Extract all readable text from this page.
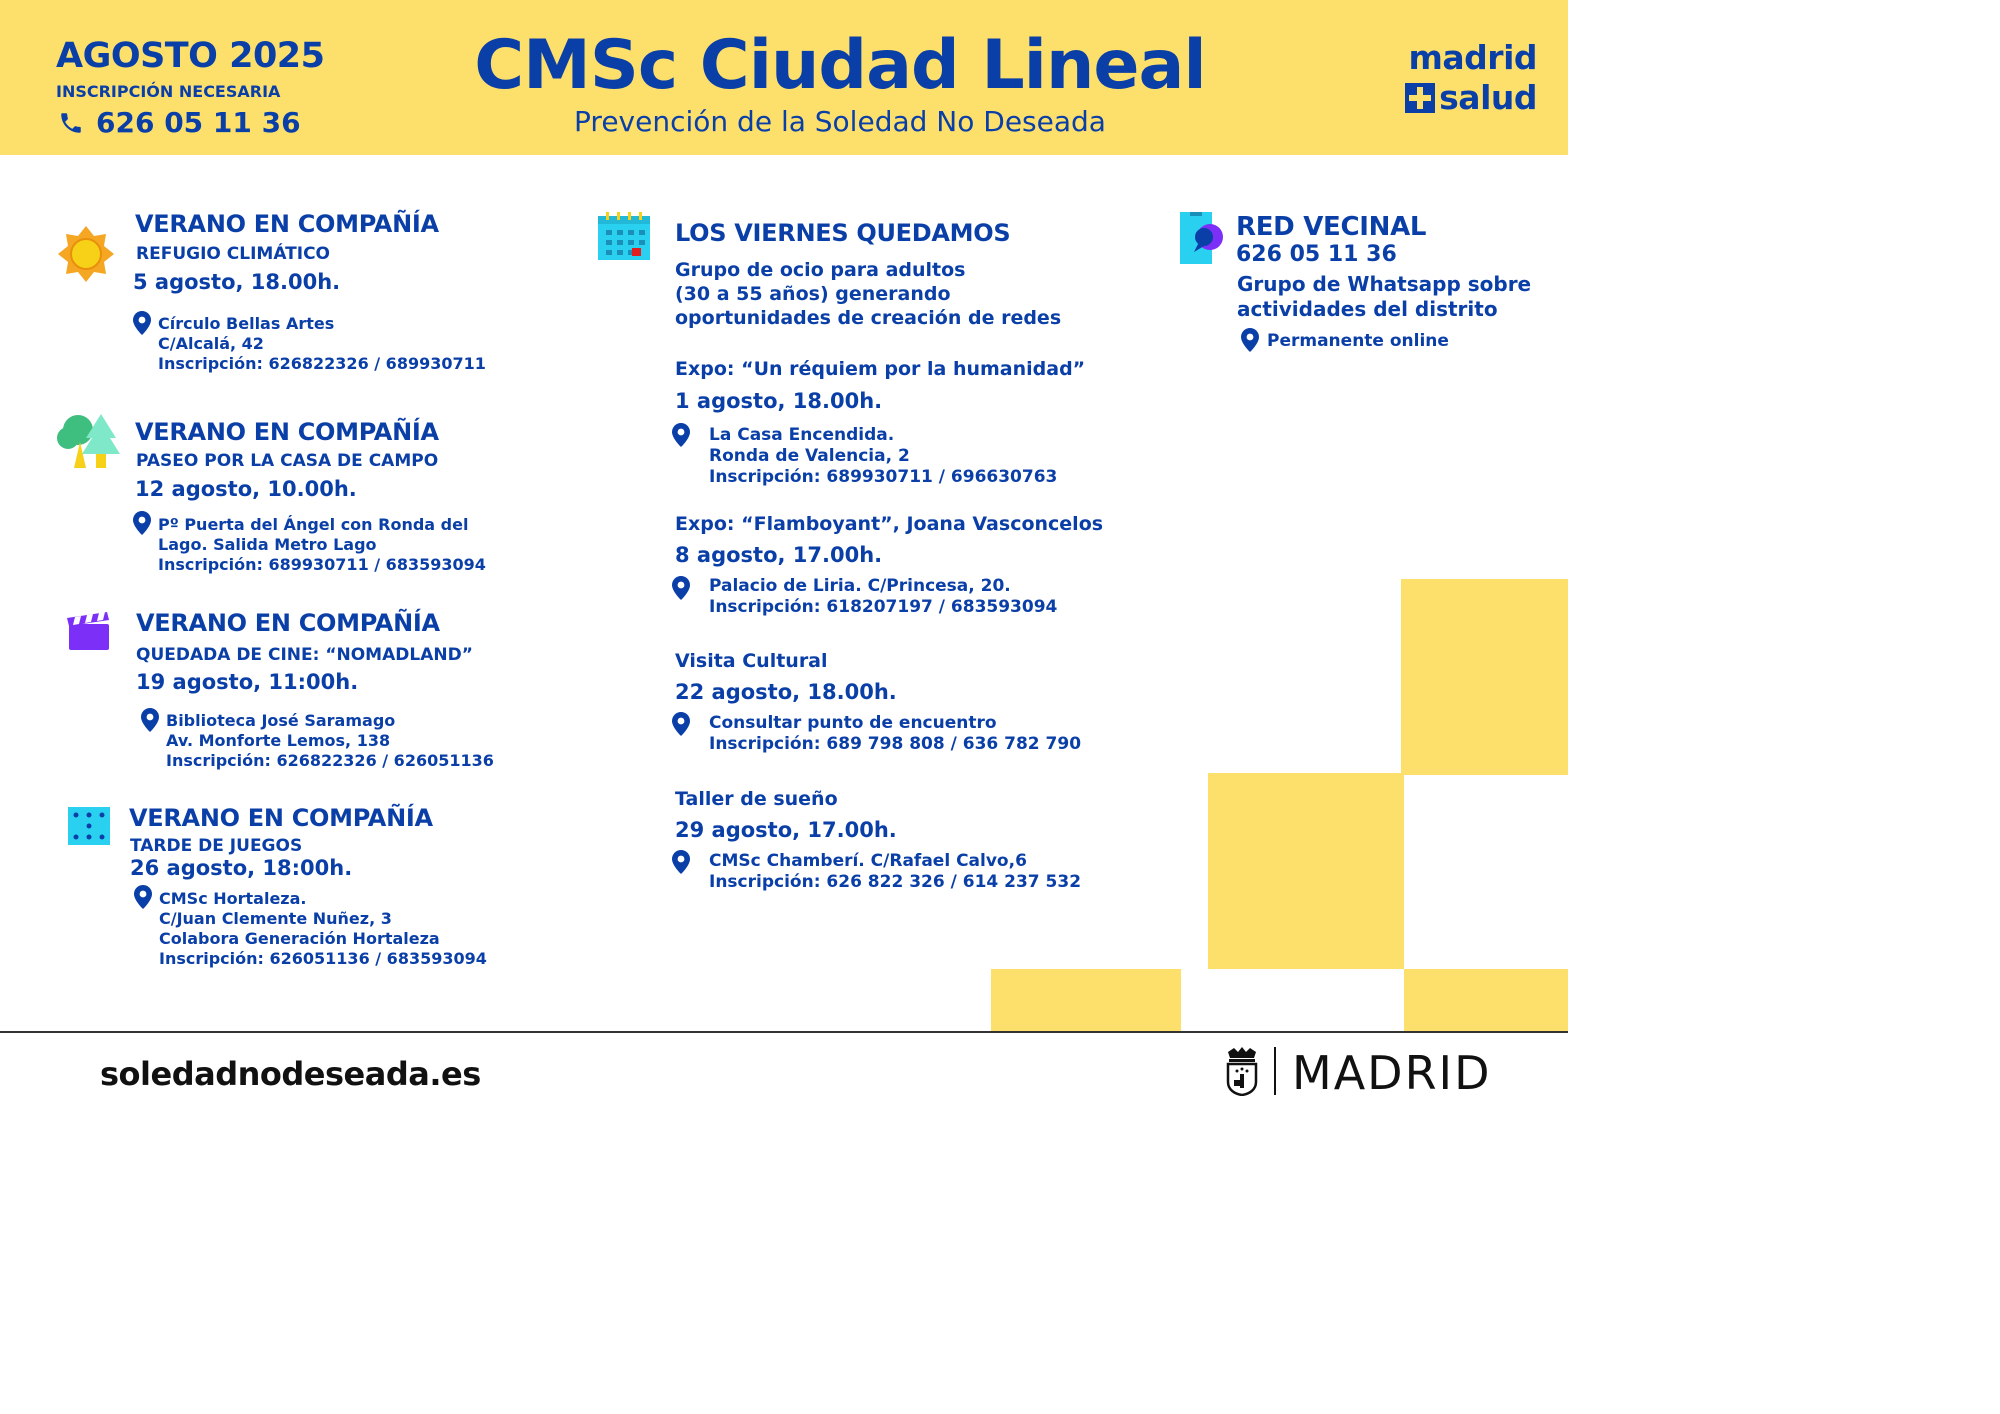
AGOSTO 2025
INSCRIPCIÓN NECESARIA
626 05 11 36
CMSc Ciudad Lineal
Prevención de la Soledad No Deseada
madrid
salud
VERANO EN COMPAÑÍA
REFUGIO CLIMÁTICO
5 agosto, 18.00h.
Círculo Bellas Artes
C/Alcalá, 42
Inscripción: 626822326 / 689930711
VERANO EN COMPAÑÍA
PASEO POR LA CASA DE CAMPO
12 agosto, 10.00h.
Pº Puerta del Ángel con Ronda del
Lago. Salida Metro Lago
Inscripción: 689930711 / 683593094
VERANO EN COMPAÑÍA
QUEDADA DE CINE: “NOMADLAND”
19 agosto, 11:00h.
Biblioteca José Saramago
Av. Monforte Lemos, 138
Inscripción: 626822326 / 626051136
VERANO EN COMPAÑÍA
TARDE DE JUEGOS
26 agosto, 18:00h.
CMSc Hortaleza.
C/Juan Clemente Nuñez, 3
Colabora Generación Hortaleza
Inscripción: 626051136 / 683593094
LOS VIERNES QUEDAMOS
Grupo de ocio para adultos
(30 a 55 años) generando
oportunidades de creación de redes
Expo: “Un réquiem por la humanidad”
1 agosto, 18.00h.
La Casa Encendida.
Ronda de Valencia, 2
Inscripción: 689930711 / 696630763
Expo: “Flamboyant”, Joana Vasconcelos
8 agosto, 17.00h.
Palacio de Liria. C/Princesa, 20.
Inscripción: 618207197 / 683593094
Visita Cultural
22 agosto, 18.00h.
Consultar punto de encuentro
Inscripción: 689 798 808 / 636 782 790
Taller de sueño
29 agosto, 17.00h.
CMSc Chamberí. C/Rafael Calvo,6
Inscripción: 626 822 326 / 614 237 532
RED VECINAL
626 05 11 36
Grupo de Whatsapp sobre
actividades del distrito
Permanente online
soledadnodeseada.es	MADRID
